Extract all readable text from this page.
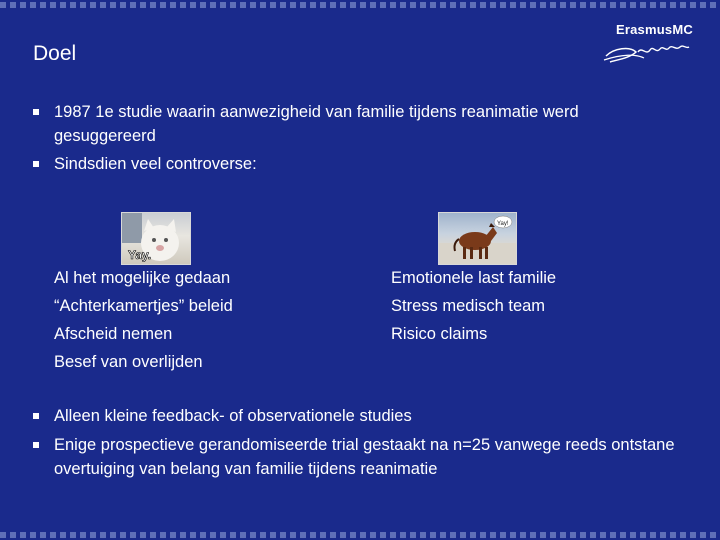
Doel
ErasmusMC
1987 1e studie waarin aanwezigheid van familie tijdens reanimatie werd gesuggereerd
Sindsdien veel controverse:
Yay.
Yay!
Al het mogelijke gedaan
“Achterkamertjes” beleid
Afscheid nemen
Besef van overlijden
Emotionele last familie
Stress medisch team
Risico claims
Alleen kleine feedback- of observationele studies
Enige prospectieve gerandomiseerde trial gestaakt na n=25 vanwege reeds ontstane overtuiging van belang van familie tijdens reanimatie
